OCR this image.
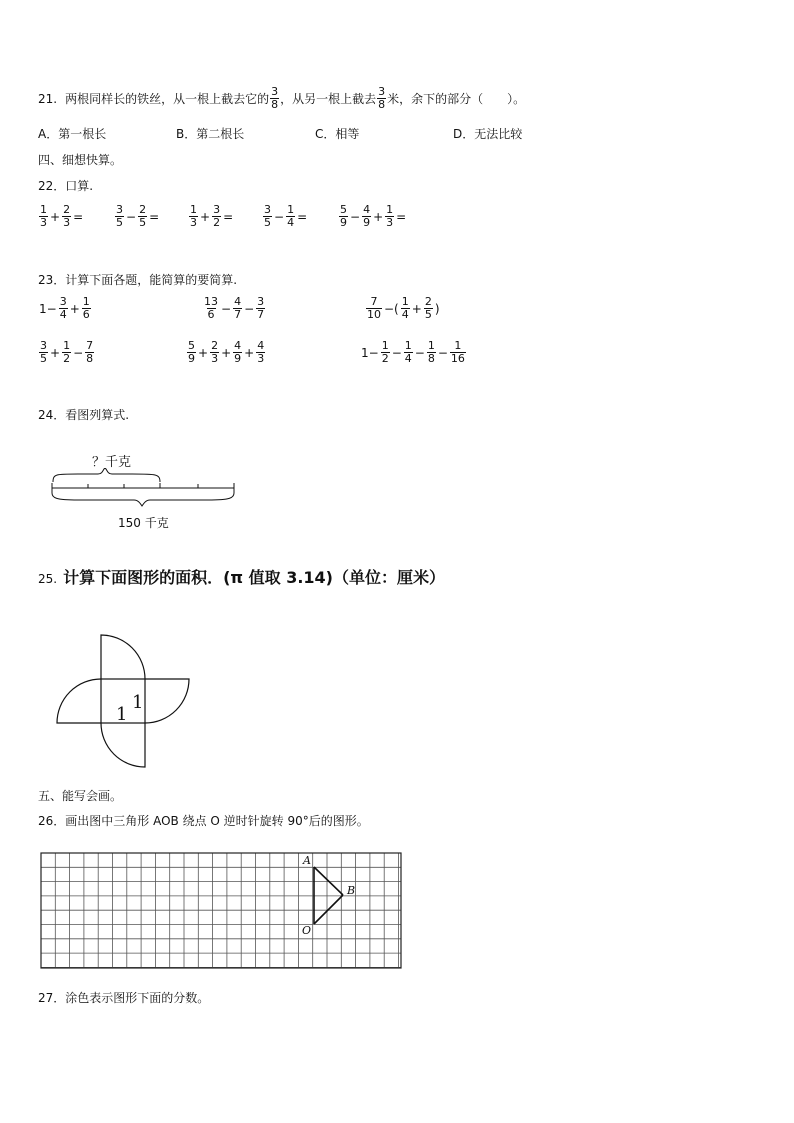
21. 两根同样长的铁丝，从一根上截去它的 $\frac{3}{8}$ ，从另一根上截去 $\frac{3}{8}$ 米，余下的部分（　　）。
A．第一根长	B．第二根长	C．相等	D．无法比较
四、细想快算。
22．口算.
$\frac{1}{3} + \frac{2}{3}$ =	$\frac{3}{5} - \frac{2}{5}$ =	$\frac{1}{3} + \frac{3}{2}$ =	$\frac{3}{5} - \frac{1}{4}$ =	$\frac{5}{9} - \frac{4}{9} + \frac{1}{3}$ =
23．计算下面各题，能简算的要简算.
$1- \frac{3}{4} + \frac{1}{6}$	$\frac{13}{6} - \frac{4}{7} - \frac{3}{7}$	$\frac{7}{10}$ −( $\frac{1}{4} + \frac{2}{5}$ )
$\frac{3}{5} + \frac{1}{2} - \frac{7}{8}$	$\frac{5}{9} + \frac{2}{3} + \frac{4}{9} + \frac{4}{3}$	$1- \frac{1}{2} - \frac{1}{4} - \frac{1}{8} - \frac{1}{16}$
24．看图列算式.
？千克
150 千克
25. 计算下面图形的面积．(π 值取 3.14)（单位：厘米）
1
1
五、能写会画。
26．画出图中三角形 AOB 绕点 O 逆时针旋转 90°后的图形。
A
B
O
27．涂色表示图形下面的分数。
